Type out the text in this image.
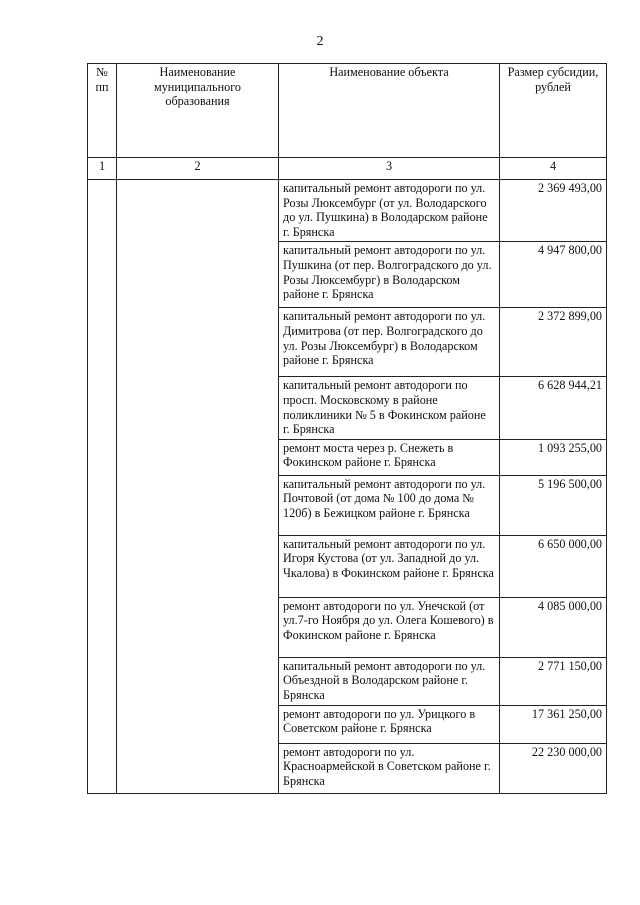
2
№ пп	Наименование муниципального образования	Наименование объекта	Размер субсидии, рублей
1	2	3	4
		капитальный ремонт автодороги по ул. Розы Люксембург (от ул. Володарского до ул. Пушкина) в Володарском районе г. Брянска	2 369 493,00
		капитальный ремонт автодороги по ул. Пушкина (от пер. Волгоградского до ул. Розы Люксембург) в Володарском районе г. Брянска	4 947 800,00
		капитальный ремонт автодороги по ул. Димитрова (от пер. Волгоградского до ул. Розы Люксембург) в Володарском районе г. Брянска	2 372 899,00
		капитальный ремонт автодороги по просп. Московскому в районе поликлиники № 5 в Фокинском районе г. Брянска	6 628 944,21
		ремонт моста через р. Снежеть в Фокинском районе г. Брянска	1 093 255,00
		капитальный ремонт автодороги по ул. Почтовой (от дома № 100 до дома № 120б) в Бежицком районе г. Брянска	5 196 500,00
		капитальный ремонт автодороги по ул. Игоря Кустова (от ул. Западной до ул. Чкалова) в Фокинском районе г. Брянска	6 650 000,00
		ремонт автодороги по ул. Унечской (от ул.7-го Ноября до ул. Олега Кошевого) в Фокинском районе г. Брянска	4 085 000,00
		капитальный ремонт автодороги по ул. Объездной в Володарском районе г. Брянска	2 771 150,00
		ремонт автодороги по ул. Урицкого в Советском районе г. Брянска	17 361 250,00
		ремонт автодороги по ул. Красноармейской в Советском районе г. Брянска	22 230 000,00
